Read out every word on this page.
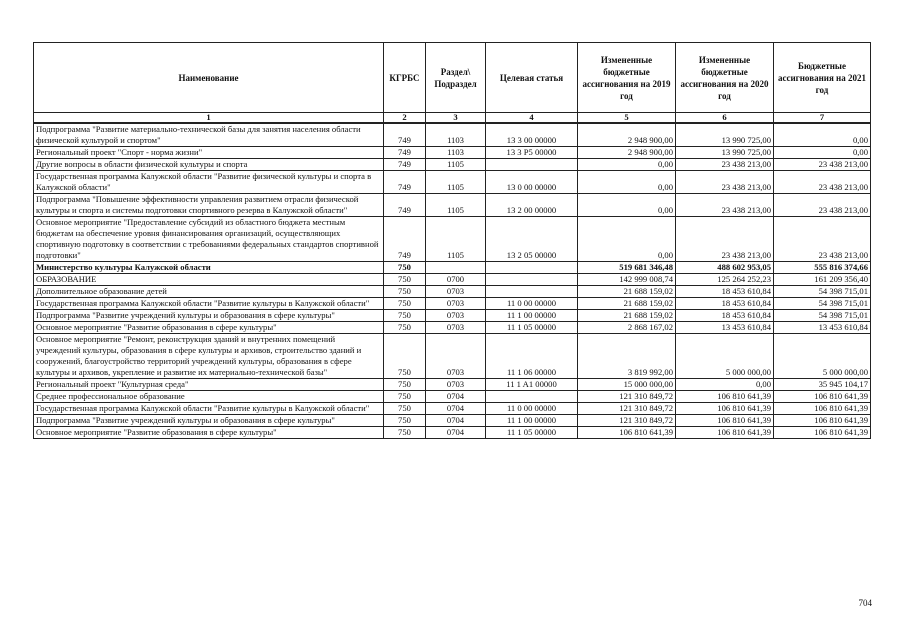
Наименование	КГРБС	Раздел\ Подраздел	Целевая статья	Измененные бюджетные ассигнования на 2019 год	Измененные бюджетные ассигнования на 2020 год	Бюджетные ассигнования на 2021 год
1	2	3	4	5	6	7
Подпрограмма "Развитие материально-технической базы для занятия населения области физической культурой и спортом"	749	1103	13 3 00 00000	2 948 900,00	13 990 725,00	0,00
Региональный проект "Спорт - норма жизни"	749	1103	13 3 P5 00000	2 948 900,00	13 990 725,00	0,00
Другие вопросы в области физической культуры и спорта	749	1105		0,00	23 438 213,00	23 438 213,00
Государственная программа Калужской области "Развитие физической культуры и спорта в Калужской области"	749	1105	13 0 00 00000	0,00	23 438 213,00	23 438 213,00
Подпрограмма "Повышение эффективности управления развитием отрасли физической культуры и спорта и системы подготовки спортивного резерва в Калужской области"	749	1105	13 2 00 00000	0,00	23 438 213,00	23 438 213,00
Основное мероприятие "Предоставление субсидий из областного бюджета местным бюджетам на обеспечение уровня финансирования организаций, осуществляющих спортивную подготовку в соответствии с требованиями федеральных стандартов спортивной подготовки"	749	1105	13 2 05 00000	0,00	23 438 213,00	23 438 213,00
Министерство культуры Калужской области	750			519 681 346,48	488 602 953,05	555 816 374,66
ОБРАЗОВАНИЕ	750	0700		142 999 008,74	125 264 252,23	161 209 356,40
Дополнительное образование детей	750	0703		21 688 159,02	18 453 610,84	54 398 715,01
Государственная программа Калужской области "Развитие культуры в Калужской области"	750	0703	11 0 00 00000	21 688 159,02	18 453 610,84	54 398 715,01
Подпрограмма "Развитие учреждений культуры и образования в сфере культуры"	750	0703	11 1 00 00000	21 688 159,02	18 453 610,84	54 398 715,01
Основное мероприятие "Развитие образования в сфере культуры"	750	0703	11 1 05 00000	2 868 167,02	13 453 610,84	13 453 610,84
Основное мероприятие "Ремонт, реконструкция зданий и внутренних помещений учреждений культуры, образования в сфере культуры и архивов, строительство зданий и сооружений, благоустройство территорий учреждений культуры, образования в сфере культуры и архивов, укрепление и развитие их материально-технической базы"	750	0703	11 1 06 00000	3 819 992,00	5 000 000,00	5 000 000,00
Региональный проект "Культурная среда"	750	0703	11 1 A1 00000	15 000 000,00	0,00	35 945 104,17
Среднее профессиональное образование	750	0704		121 310 849,72	106 810 641,39	106 810 641,39
Государственная программа Калужской области "Развитие культуры в Калужской области"	750	0704	11 0 00 00000	121 310 849,72	106 810 641,39	106 810 641,39
Подпрограмма "Развитие учреждений культуры и образования в сфере культуры"	750	0704	11 1 00 00000	121 310 849,72	106 810 641,39	106 810 641,39
Основное мероприятие "Развитие образования в сфере культуры"	750	0704	11 1 05 00000	106 810 641,39	106 810 641,39	106 810 641,39
704
